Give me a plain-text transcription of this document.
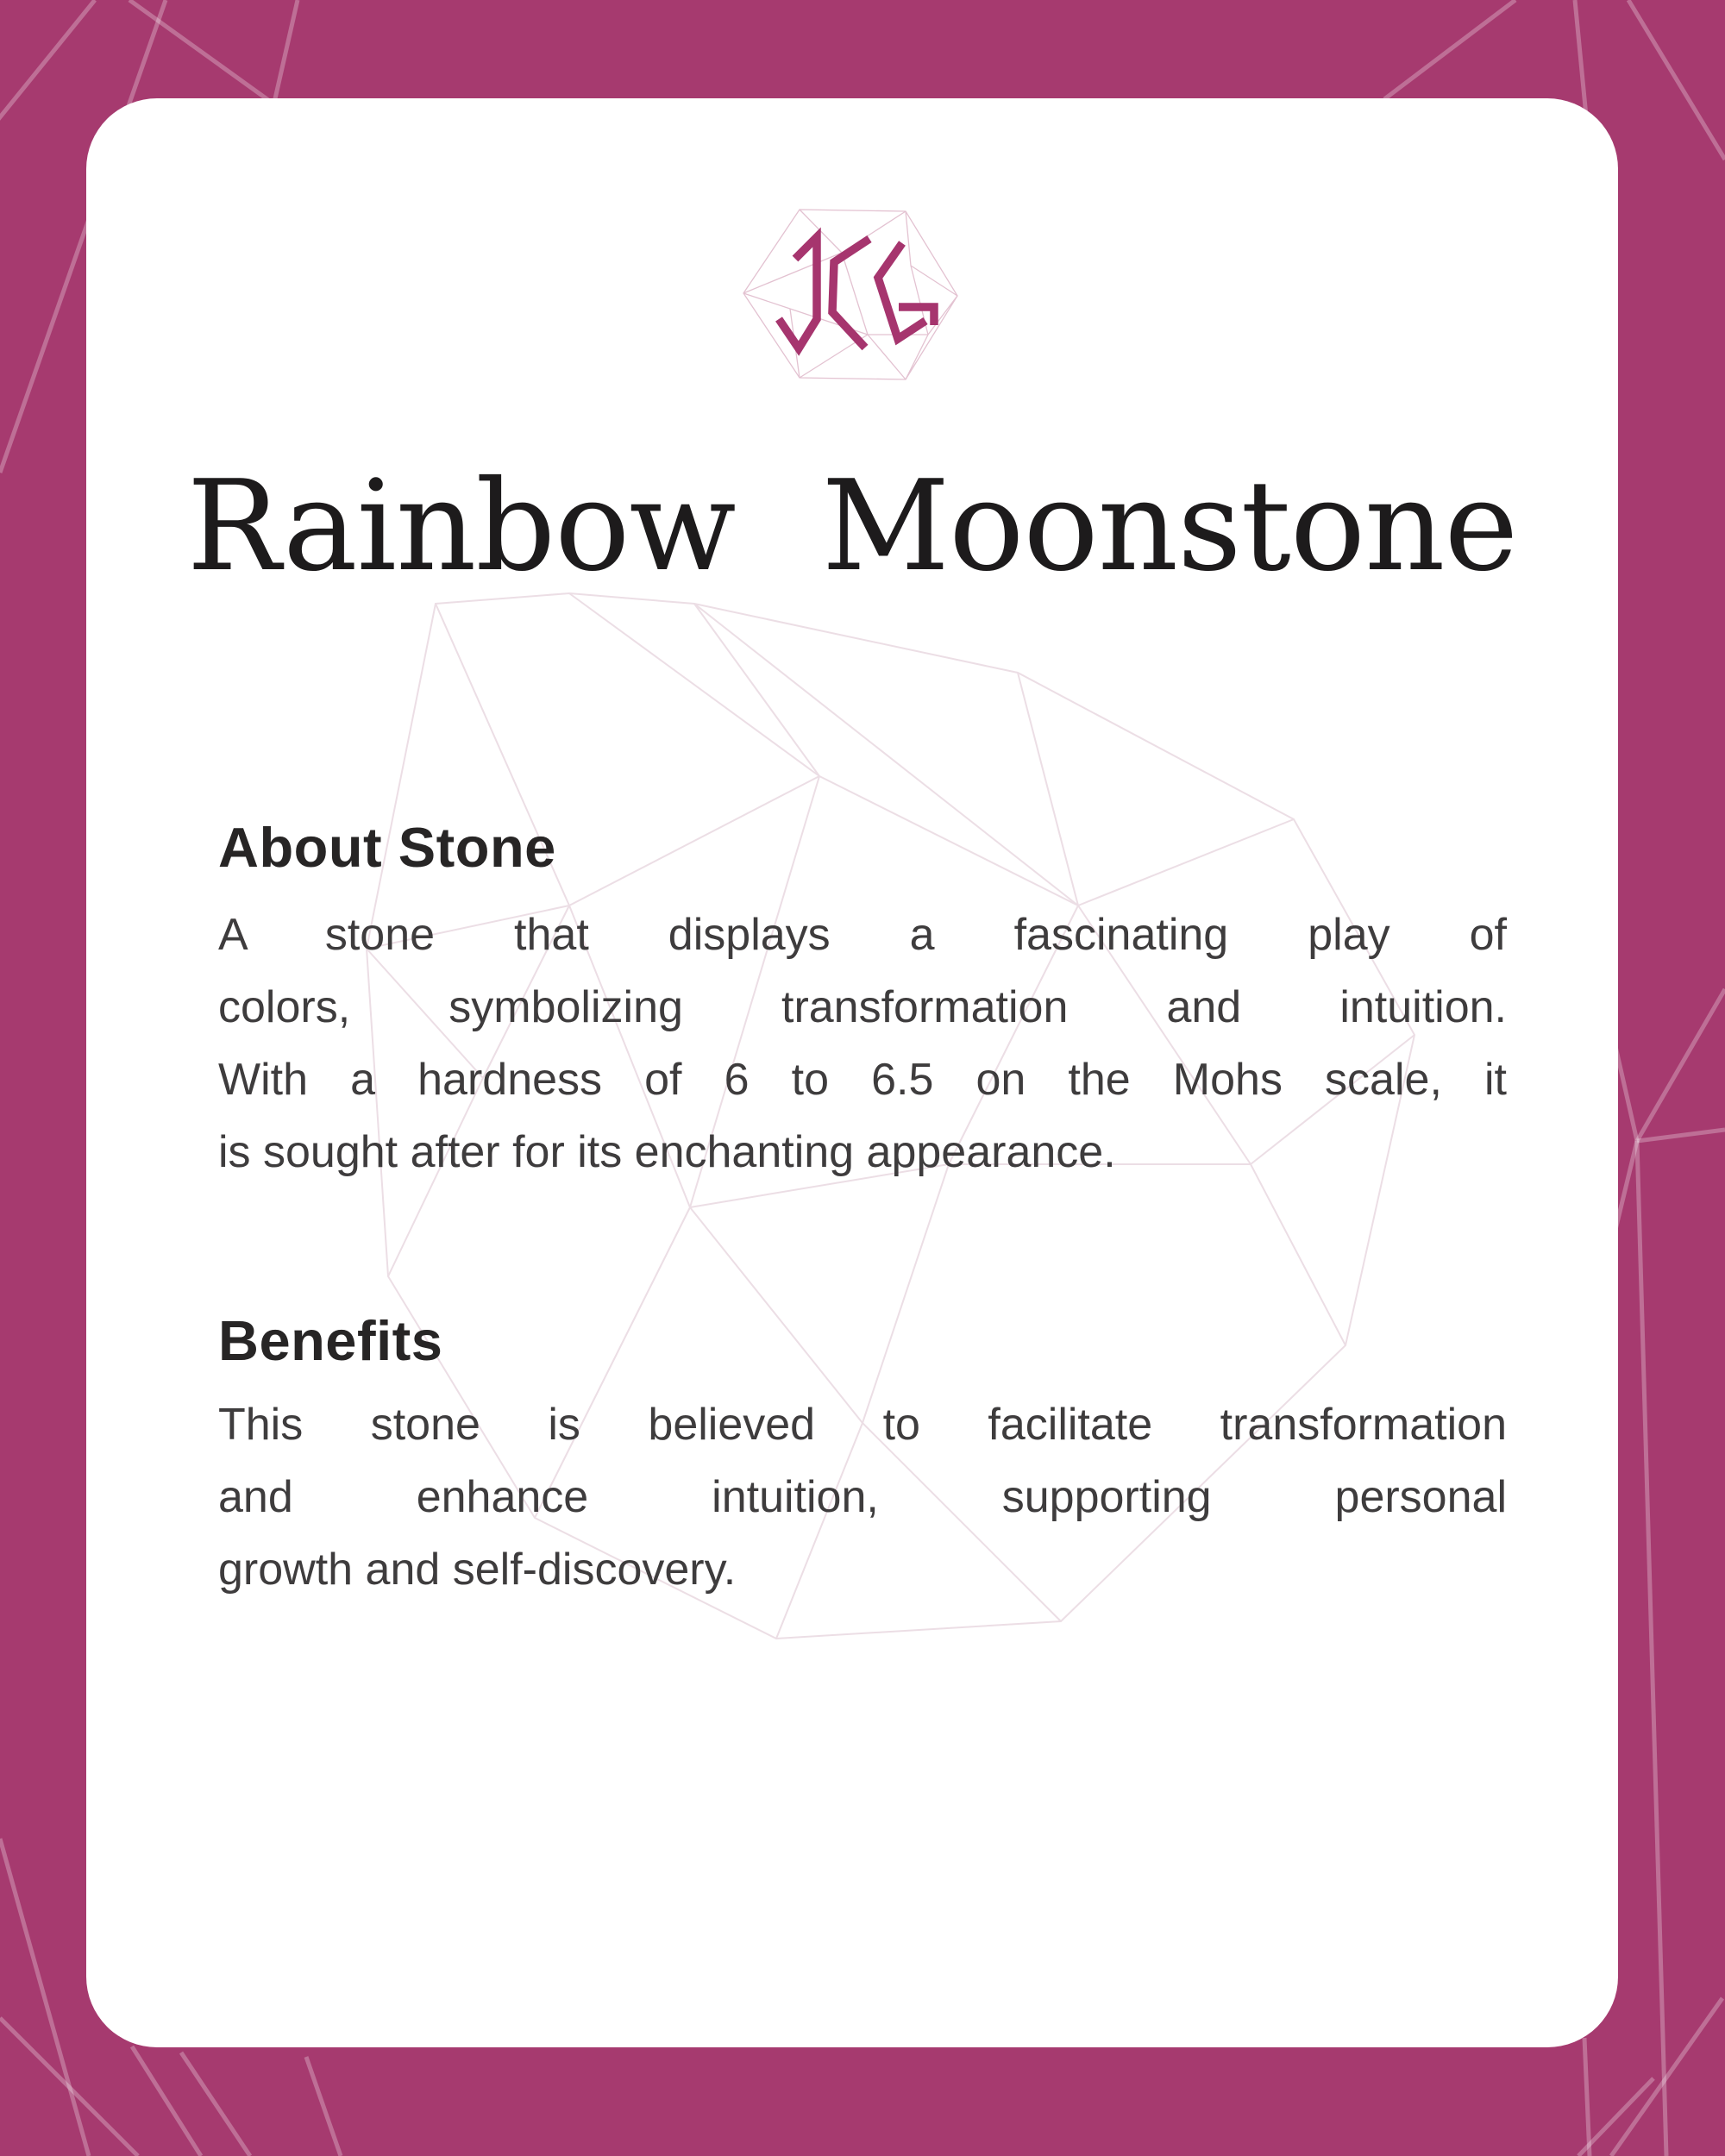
Rainbow Moonstone
About Stone
A stone that displays a fascinating play of
colors, symbolizing transformation and intuition.
With a hardness of 6 to 6.5 on the Mohs scale, it
is sought after for its enchanting appearance.
Benefits
This stone is believed to facilitate transformation
and enhance intuition, supporting personal
growth and self-discovery.
